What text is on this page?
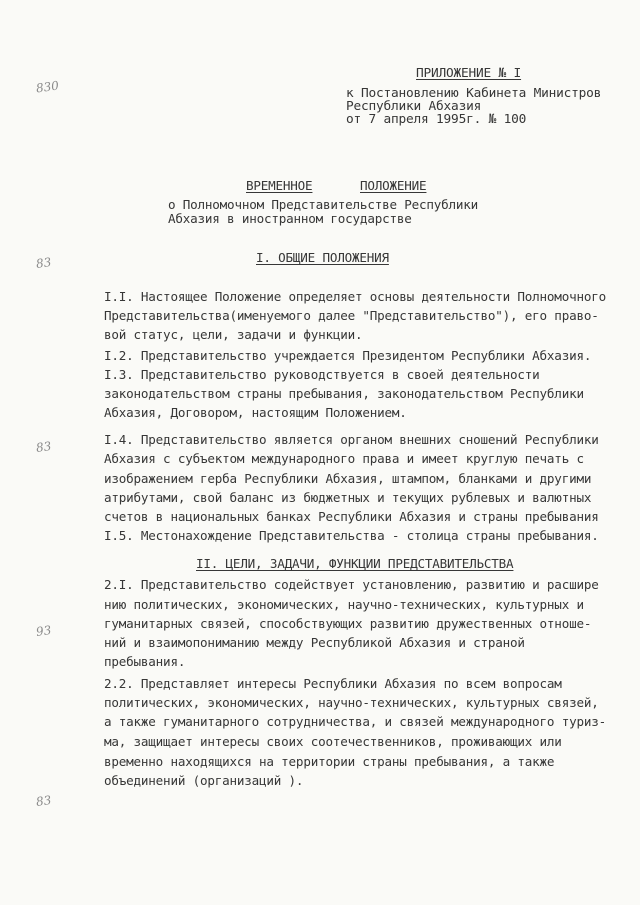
830
83
83
93
83
ПРИЛОЖЕНИЕ № I
к Постановлению Кабинета Министров
Республики Абхазия
от 7 апреля 1995г. № 100
ВРЕМЕННОЕ	ПОЛОЖЕНИЕ
о Полномочном Представительстве Республики
Абхазия в иностранном государстве
I. ОБЩИЕ ПОЛОЖЕНИЯ
I.I. Настоящее Положение определяет основы деятельности Полномочного
Представительства(именуемого далее "Представительство"), его право-
вой статус, цели, задачи и функции.
I.2. Представительство учреждается Президентом Республики Абхазия.
I.3. Представительство руководствуется в своей деятельности
законодательством страны пребывания, законодательством Республики
Абхазия, Договором, настоящим Положением.
I.4. Представительство является органом внешних сношений Республики
Абхазия с субъектом международного права и имеет круглую печать с
изображением герба Республики Абхазия, штампом, бланками и другими
атрибутами, свой баланс из бюджетных и текущих рублевых и валютных
счетов в национальных банках Республики Абхазия и страны пребывания
I.5. Местонахождение Представительства - столица страны пребывания.
II. ЦЕЛИ, ЗАДАЧИ, ФУНКЦИИ ПРЕДСТАВИТЕЛЬСТВА
2.I. Представительство содействует установлению, развитию и расшире
нию политических, экономических, научно-технических, культурных и
гуманитарных связей, способствующих развитию дружественных отноше-
ний и взаимопониманию между Республикой Абхазия и страной
пребывания.
2.2. Представляет интересы Республики Абхазия по всем вопросам
политических, экономических, научно-технических, культурных связей,
а также гуманитарного сотрудничества, и связей международного туриз-
ма, защищает интересы своих соотечественников, проживающих или
временно находящихся на территории страны пребывания, а также
объединений (организаций ).
